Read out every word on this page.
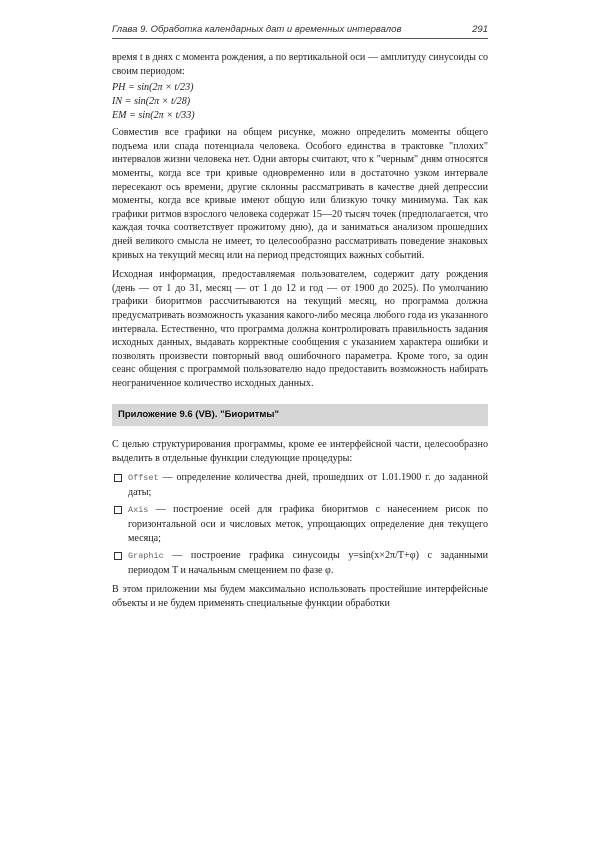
Глава 9. Обработка календарных дат и временных интервалов	291

время t в днях с момента рождения, а по вертикальной оси — амплитуду синусоиды со своим периодом:

PH = sin(2π × t/23)
IN = sin(2π × t/28)
EM = sin(2π × t/33)

Совместив все графики на общем рисунке, можно определить моменты общего подъема или спада потенциала человека. Особого единства в трактовке "плохих" интервалов жизни человека нет. Одни авторы считают, что к "черным" дням относятся моменты, когда все три кривые одновременно или в достаточно узком интервале пересекают ось времени, другие склонны рассматривать в качестве дней депрессии моменты, когда все кривые имеют общую или близкую точку минимума. Так как графики ритмов взрослого человека содержат 15—20 тысяч точек (предполагается, что каждая точка соответствует прожитому дню), да и заниматься анализом прошедших дней великого смысла не имеет, то целесообразно рассматривать поведение знаковых кривых на текущий месяц или на период предстоящих важных событий.

Исходная информация, предоставляемая пользователем, содержит дату рождения (день — от 1 до 31, месяц — от 1 до 12 и год — от 1900 до 2025). По умолчанию графики биоритмов рассчитываются на текущий месяц, но программа должна предусматривать возможность указания какого-либо месяца любого года из указанного интервала. Естественно, что программа должна контролировать правильность задания исходных данных, выдавать корректные сообщения с указанием характера ошибки и позволять произвести повторный ввод ошибочного параметра. Кроме того, за один сеанс общения с программой пользователю надо предоставить возможность набирать неограниченное количество исходных данных.

Приложение 9.6 (VB). "Биоритмы"

С целью структурирования программы, кроме ее интерфейсной части, целесообразно выделить в отдельные функции следующие процедуры:

Offset — определение количества дней, прошедших от 1.01.1900 г. до заданной даты;
Axis — построение осей для графика биоритмов с нанесением рисок по горизонтальной оси и числовых меток, упрощающих определение дня текущего месяца;
Graphic — построение графика синусоиды y=sin(x×2π/T+φ) с заданными периодом T и начальным смещением по фазе φ.

В этом приложении мы будем максимально использовать простейшие интерфейсные объекты и не будем применять специальные функции обработки
